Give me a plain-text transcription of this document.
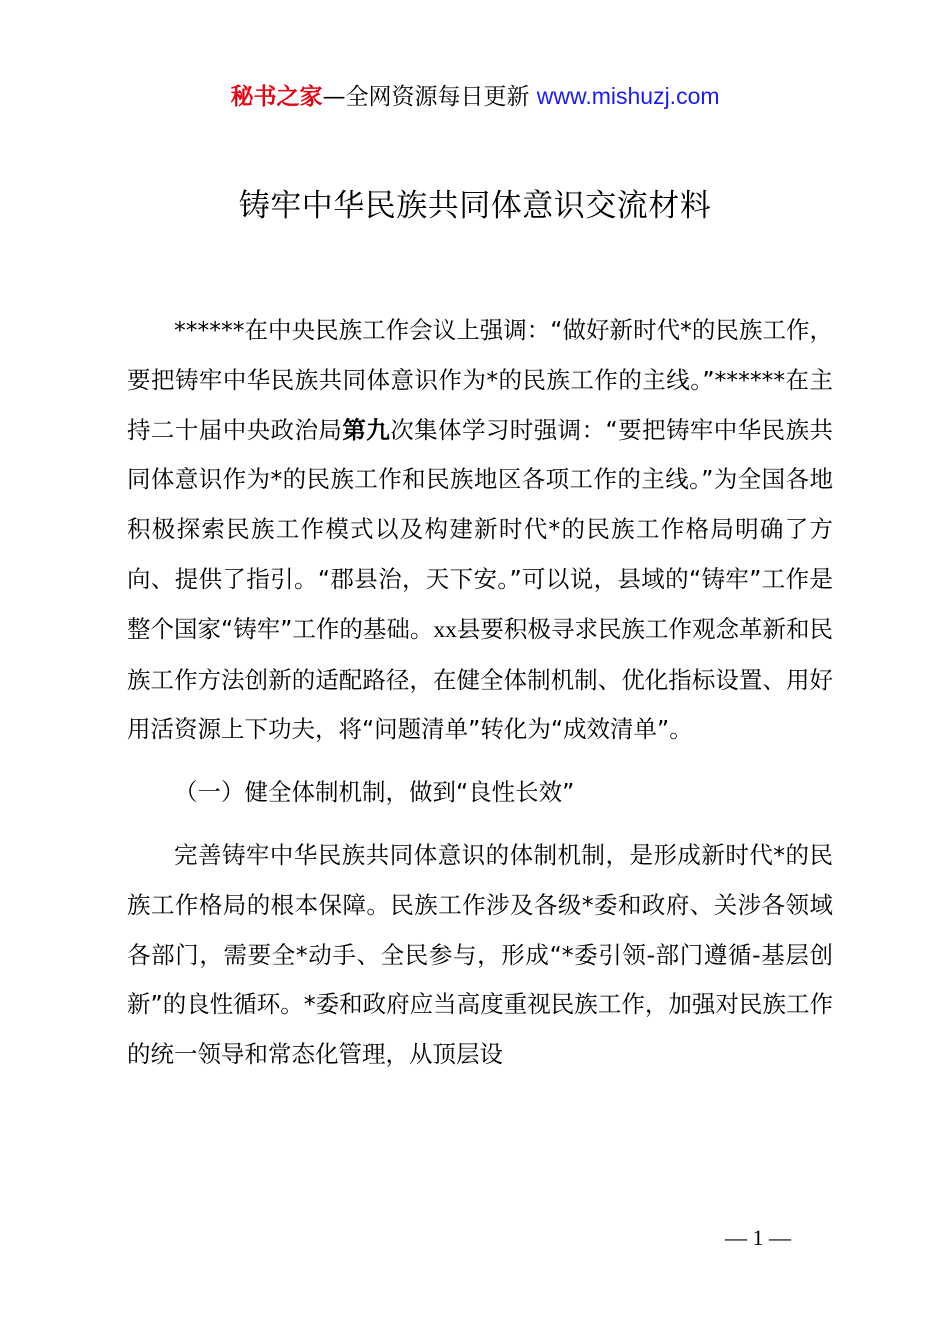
秘书之家—全网资源每日更新 www.mishuzj.com
铸牢中华民族共同体意识交流材料

******在中央民族工作会议上强调：“做好新时代*的民族工作，要把铸牢中华民族共同体意识作为*的民族工作的主线。”******在主持二十届中央政治局第九次集体学习时强调：“要把铸牢中华民族共同体意识作为*的民族工作和民族地区各项工作的主线。”为全国各地积极探索民族工作模式以及构建新时代*的民族工作格局明确了方向、提供了指引。“郡县治，天下安。”可以说，县域的“铸牢”工作是整个国家“铸牢”工作的基础。xx县要积极寻求民族工作观念革新和民族工作方法创新的适配路径，在健全体制机制、优化指标设置、用好用活资源上下功夫，将“问题清单”转化为“成效清单”。

（一）健全体制机制，做到“良性长效”

完善铸牢中华民族共同体意识的体制机制，是形成新时代*的民族工作格局的根本保障。民族工作涉及各级*委和政府、关涉各领域各部门，需要全*动手、全民参与，形成“*委引领-部门遵循-基层创新”的良性循环。*委和政府应当高度重视民族工作，加强对民族工作的统一领导和常态化管理，从顶层设

— 1 —
